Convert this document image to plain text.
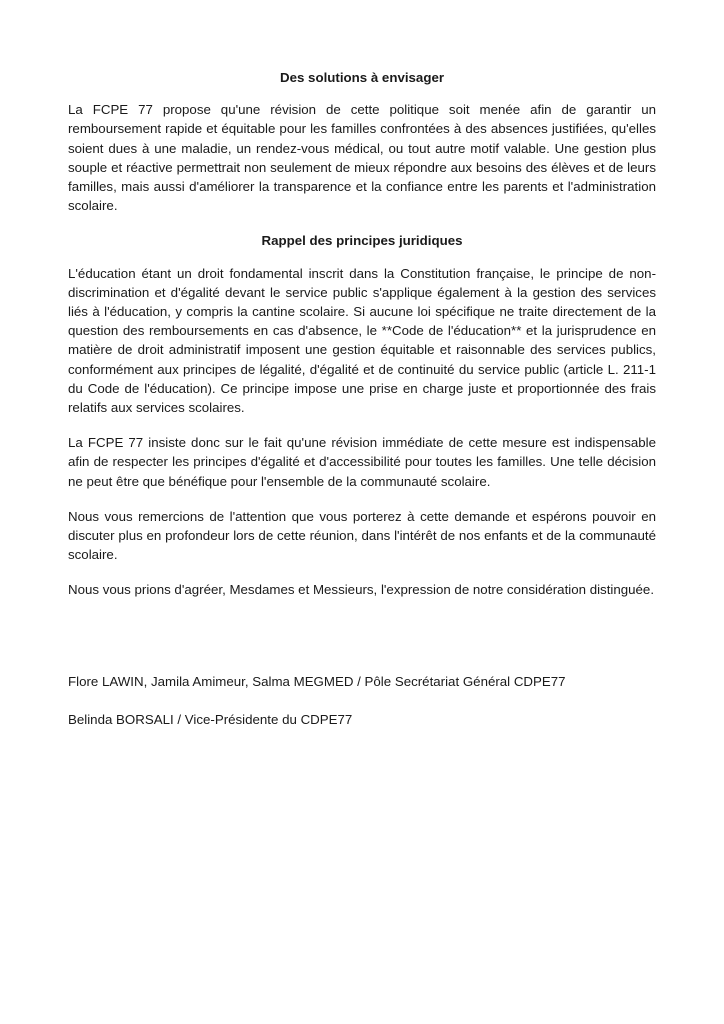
Des solutions à envisager

La FCPE 77 propose qu'une révision de cette politique soit menée afin de garantir un remboursement rapide et équitable pour les familles confrontées à des absences justifiées, qu'elles soient dues à une maladie, un rendez-vous médical, ou tout autre motif valable. Une gestion plus souple et réactive permettrait non seulement de mieux répondre aux besoins des élèves et de leurs familles, mais aussi d'améliorer la transparence et la confiance entre les parents et l'administration scolaire.

Rappel des principes juridiques

L'éducation étant un droit fondamental inscrit dans la Constitution française, le principe de non-discrimination et d'égalité devant le service public s'applique également à la gestion des services liés à l'éducation, y compris la cantine scolaire. Si aucune loi spécifique ne traite directement de la question des remboursements en cas d'absence, le **Code de l'éducation** et la jurisprudence en matière de droit administratif imposent une gestion équitable et raisonnable des services publics, conformément aux principes de légalité, d'égalité et de continuité du service public (article L. 211-1 du Code de l'éducation). Ce principe impose une prise en charge juste et proportionnée des frais relatifs aux services scolaires.

La FCPE 77 insiste donc sur le fait qu'une révision immédiate de cette mesure est indispensable afin de respecter les principes d'égalité et d'accessibilité pour toutes les familles. Une telle décision ne peut être que bénéfique pour l'ensemble de la communauté scolaire.

Nous vous remercions de l'attention que vous porterez à cette demande et espérons pouvoir en discuter plus en profondeur lors de cette réunion, dans l'intérêt de nos enfants et de la communauté scolaire.

Nous vous prions d'agréer, Mesdames et Messieurs, l'expression de notre considération distinguée.

Flore LAWIN, Jamila Amimeur, Salma MEGMED / Pôle Secrétariat Général CDPE77

Belinda BORSALI / Vice-Présidente du CDPE77
